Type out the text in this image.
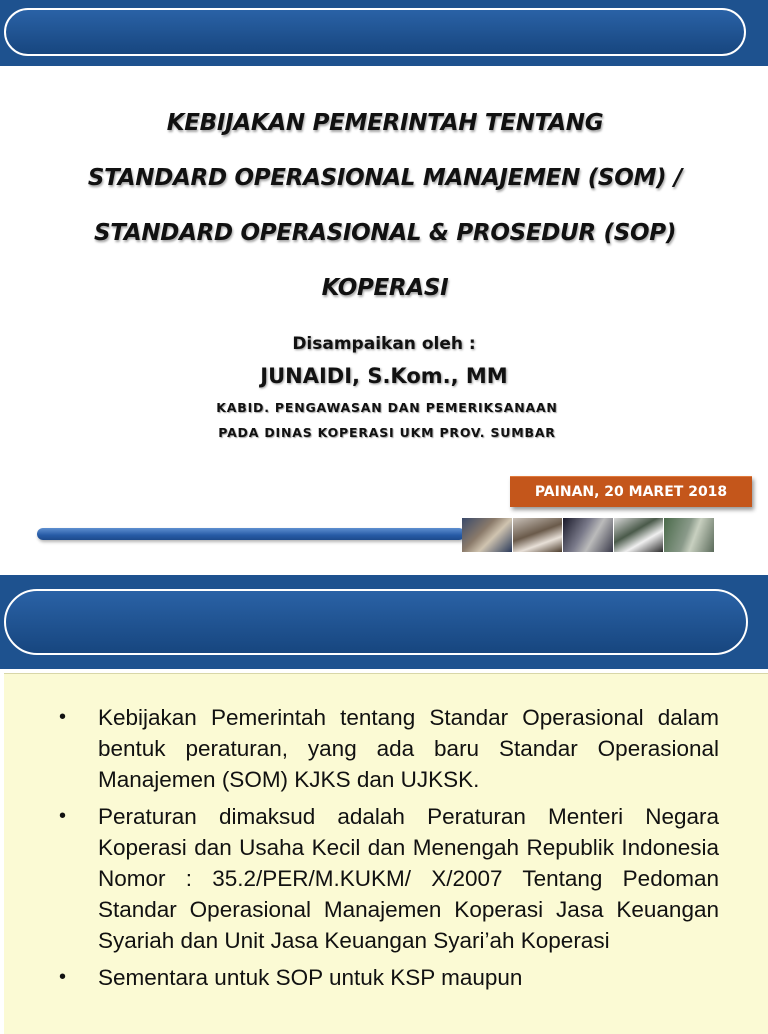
KEBIJAKAN PEMERINTAH TENTANG
STANDARD OPERASIONAL MANAJEMEN (SOM) /
STANDARD OPERASIONAL & PROSEDUR (SOP)
KOPERASI
Disampaikan oleh :
JUNAIDI, S.Kom., MM
KABID. PENGAWASAN DAN PEMERIKSANAAN
PADA DINAS KOPERASI UKM PROV. SUMBAR
PAINAN, 20 MARET 2018
• Kebijakan Pemerintah tentang Standar Operasional dalam bentuk peraturan, yang ada baru Standar Operasional Manajemen (SOM) KJKS dan UJKSK.
• Peraturan dimaksud adalah Peraturan Menteri Negara Koperasi dan Usaha Kecil dan Menengah Republik Indonesia Nomor : 35.2/PER/M.KUKM/ X/2007 Tentang Pedoman Standar Operasional Manajemen Koperasi Jasa Keuangan Syariah dan Unit Jasa Keuangan Syari’ah Koperasi
• Sementara untuk SOP untuk KSP maupun
